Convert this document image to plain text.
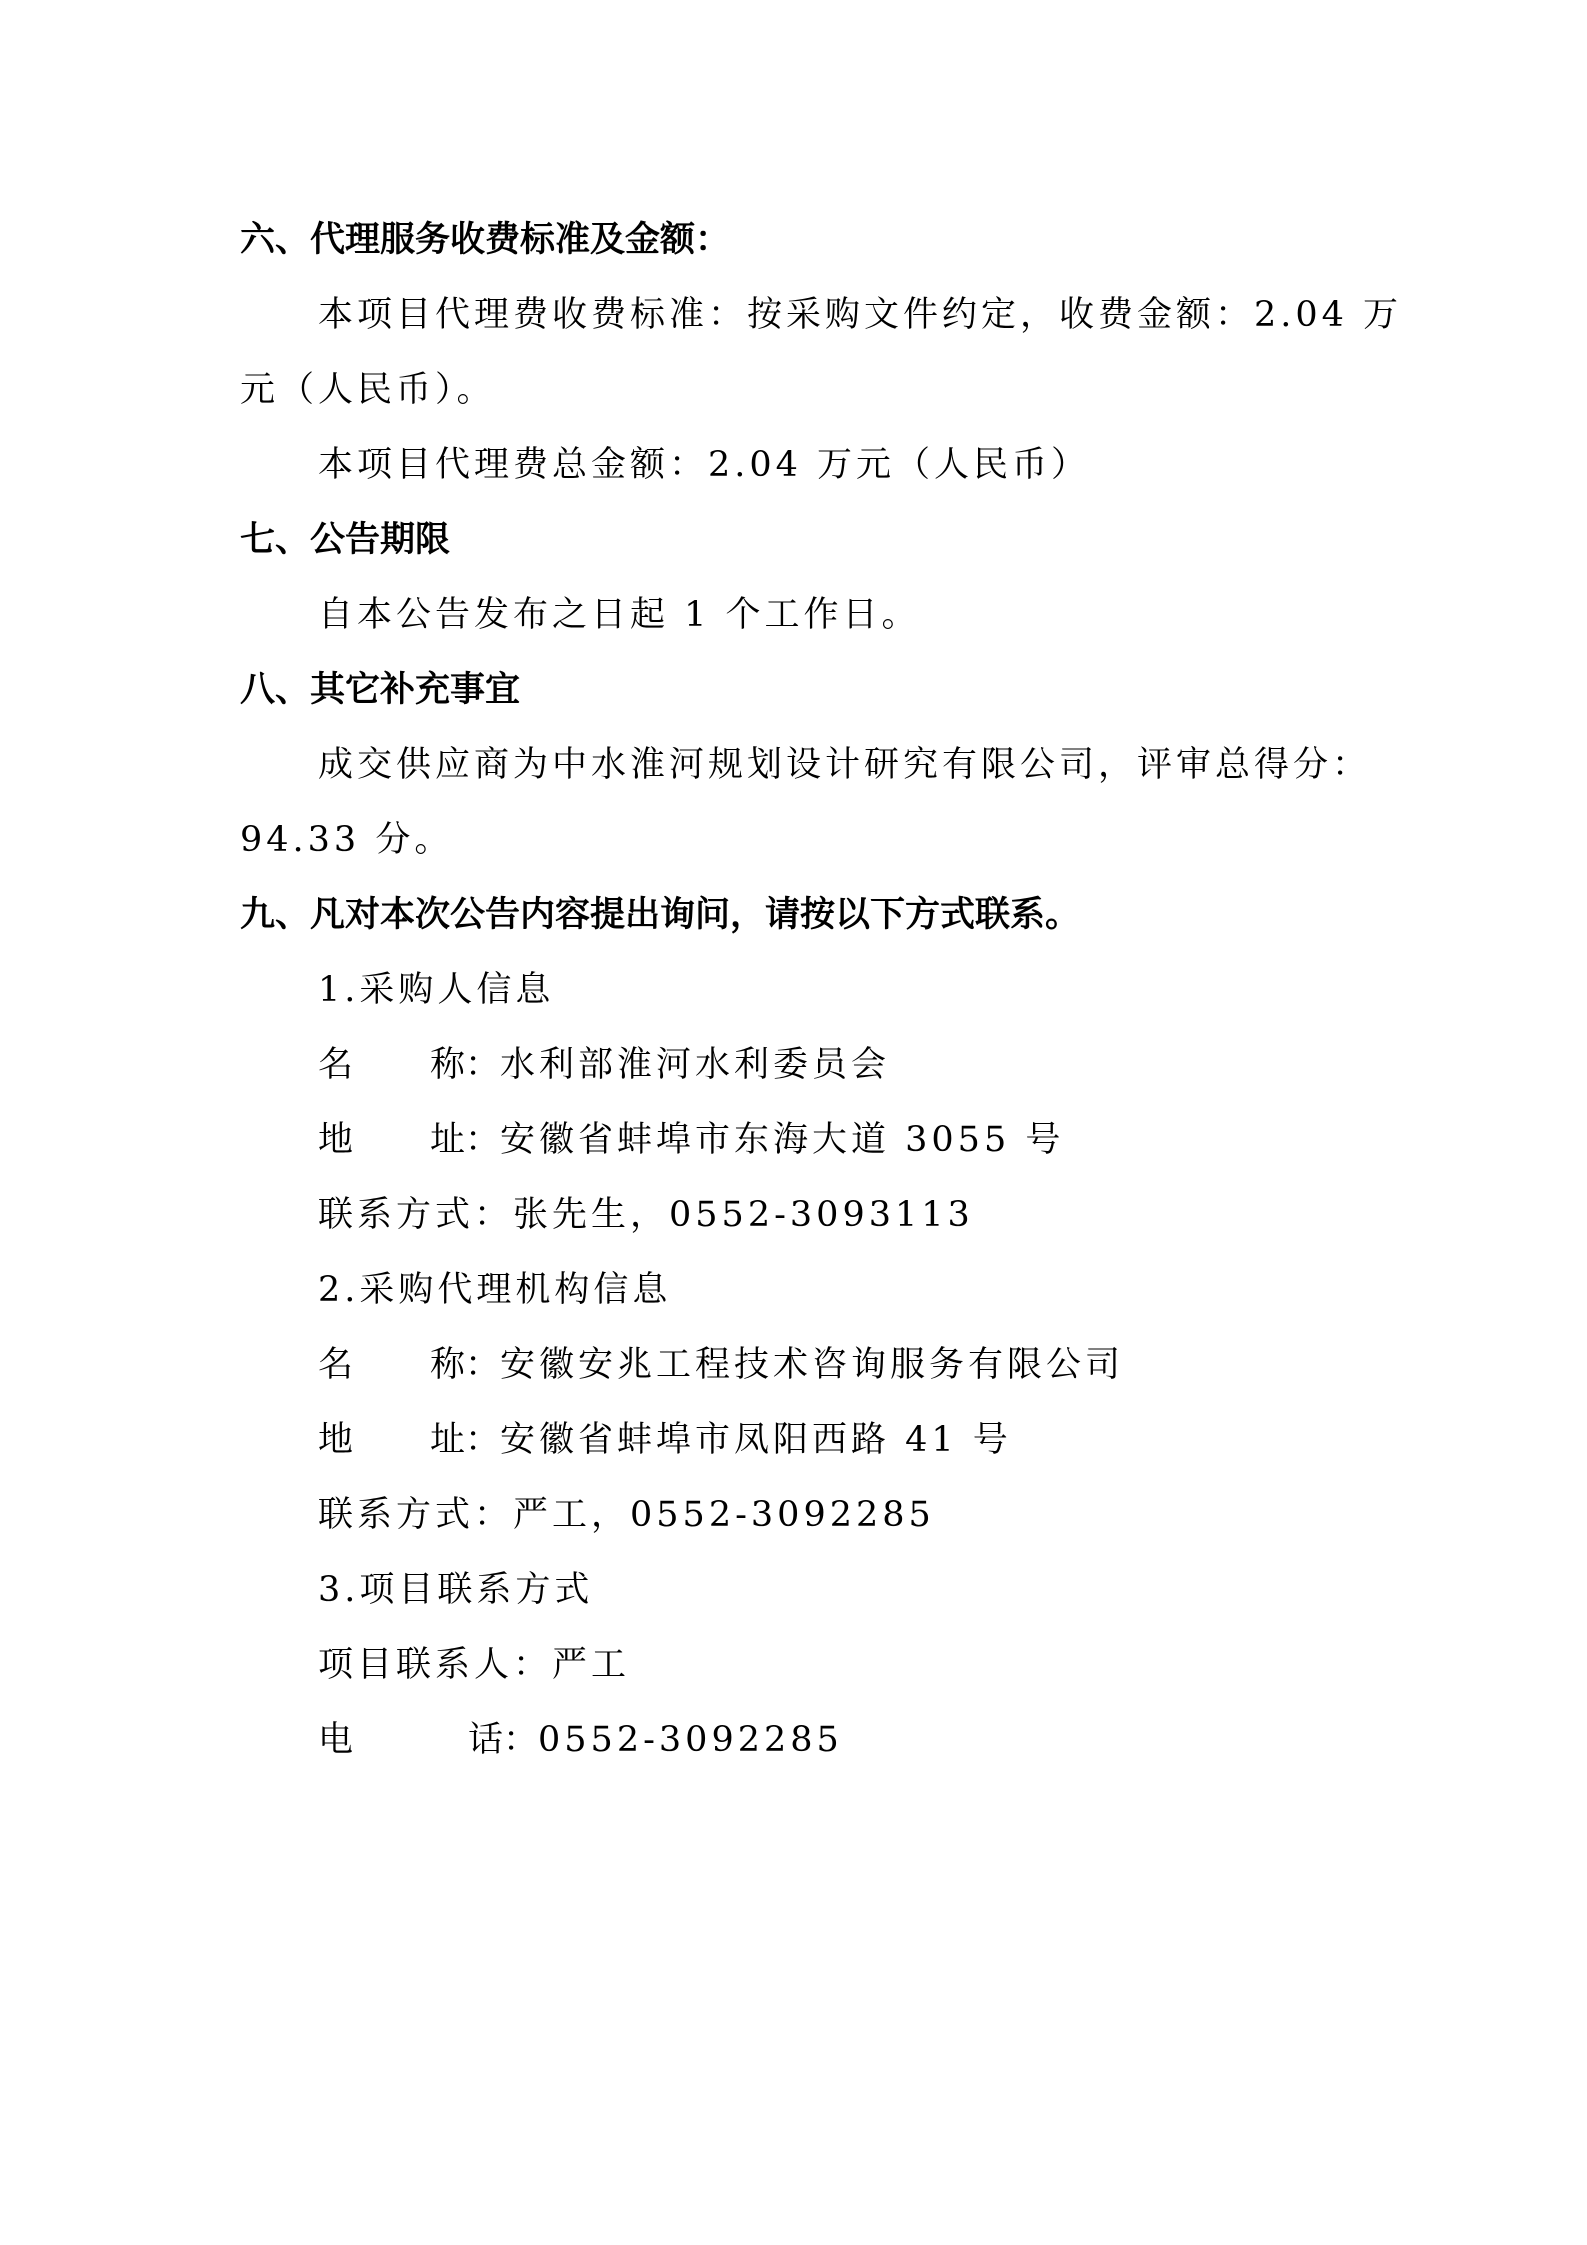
六、代理服务收费标准及金额：
本项目代理费收费标准：按采购文件约定，收费金额：2.04 万
元（人民币）。
本项目代理费总金额：2.04 万元（人民币）
七、公告期限
自本公告发布之日起 1 个工作日。
八、其它补充事宜
成交供应商为中水淮河规划设计研究有限公司，评审总得分：
94.33 分。
九、凡对本次公告内容提出询问，请按以下方式联系。
1.采购人信息
名 称：水利部淮河水利委员会
地 址：安徽省蚌埠市东海大道 3055 号
联系方式：张先生，0552-3093113
2.采购代理机构信息
名 称：安徽安兆工程技术咨询服务有限公司
地 址：安徽省蚌埠市凤阳西路 41 号
联系方式：严工，0552-3092285
3.项目联系方式
项目联系人：严工
电	话：0552-3092285
